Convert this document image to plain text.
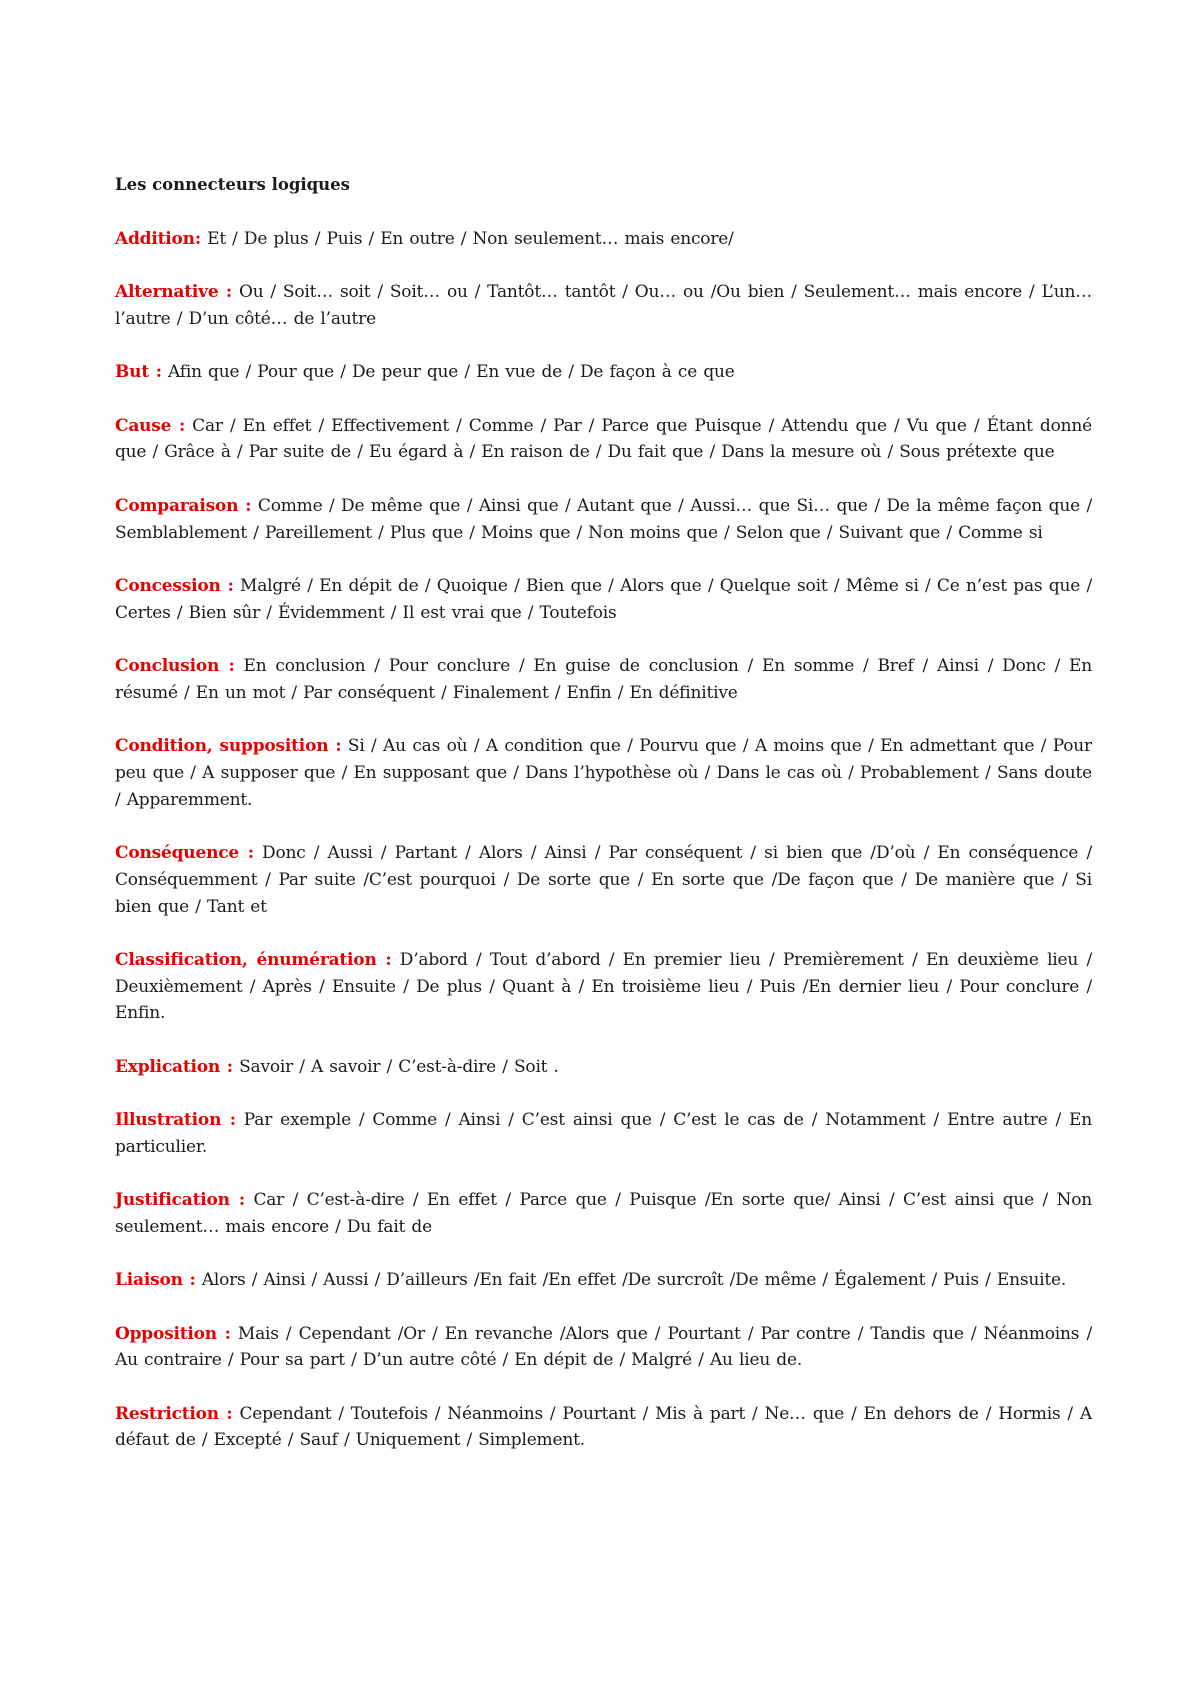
Les connecteurs logiques

Addition: Et / De plus / Puis / En outre / Non seulement… mais encore/

Alternative : Ou / Soit… soit / Soit… ou / Tantôt… tantôt / Ou… ou /Ou bien / Seulement… mais encore / L’un… l’autre / D’un côté… de l’autre

But : Afin que / Pour que / De peur que / En vue de / De façon à ce que

Cause : Car / En effet / Effectivement / Comme / Par / Parce que Puisque / Attendu que / Vu que / Étant donné que / Grâce à / Par suite de / Eu égard à / En raison de / Du fait que / Dans la mesure où / Sous prétexte que

Comparaison : Comme / De même que / Ainsi que / Autant que / Aussi… que Si… que / De la même façon que / Semblablement / Pareillement / Plus que / Moins que / Non moins que / Selon que / Suivant que / Comme si

Concession : Malgré / En dépit de / Quoique / Bien que / Alors que / Quelque soit / Même si / Ce n’est pas que / Certes / Bien sûr / Évidemment / Il est vrai que / Toutefois

Conclusion : En conclusion / Pour conclure / En guise de conclusion / En somme / Bref / Ainsi / Donc / En résumé / En un mot / Par conséquent / Finalement / Enfin / En définitive

Condition, supposition : Si / Au cas où / A condition que / Pourvu que / A moins que / En admettant que / Pour peu que / A supposer que / En supposant que / Dans l’hypothèse où / Dans le cas où / Probablement / Sans doute / Apparemment.

Conséquence : Donc / Aussi / Partant / Alors / Ainsi / Par conséquent / si bien que /D’où / En conséquence / Conséquemment / Par suite /C’est pourquoi / De sorte que / En sorte que /De façon que / De manière que / Si bien que / Tant et

Classification, énumération : D’abord / Tout d’abord / En premier lieu / Premièrement / En deuxième lieu / Deuxièmement / Après / Ensuite / De plus / Quant à / En troisième lieu / Puis /En dernier lieu / Pour conclure / Enfin.

Explication : Savoir / A savoir / C’est-à-dire / Soit .

Illustration : Par exemple / Comme / Ainsi / C’est ainsi que / C’est le cas de / Notamment / Entre autre / En particulier.

Justification : Car / C’est-à-dire / En effet / Parce que / Puisque /En sorte que/ Ainsi / C’est ainsi que / Non seulement… mais encore / Du fait de

Liaison : Alors / Ainsi / Aussi / D’ailleurs /En fait /En effet /De surcroît /De même / Également / Puis / Ensuite.

Opposition : Mais / Cependant /Or / En revanche /Alors que / Pourtant / Par contre / Tandis que / Néanmoins / Au contraire / Pour sa part / D’un autre côté / En dépit de / Malgré / Au lieu de.

Restriction : Cependant / Toutefois / Néanmoins / Pourtant / Mis à part / Ne… que / En dehors de / Hormis / A défaut de / Excepté / Sauf / Uniquement / Simplement.
